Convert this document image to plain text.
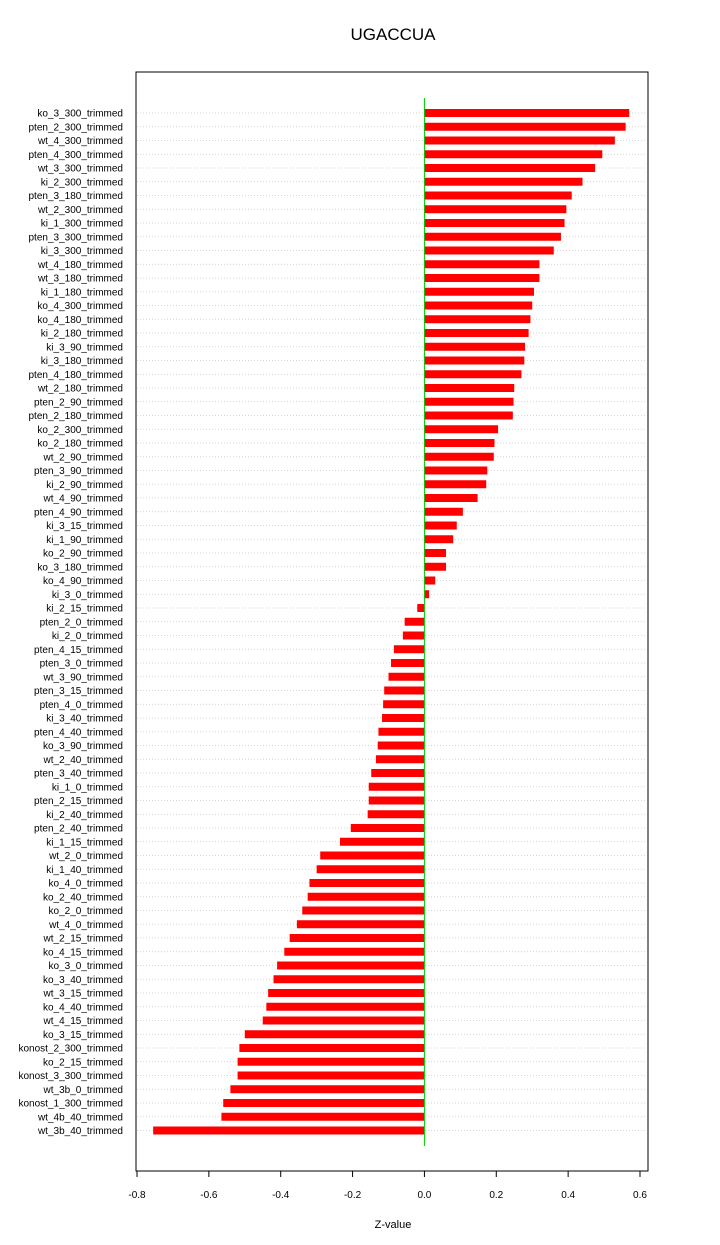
UGACCUA
ko_3_300_trimmed
pten_2_300_trimmed
wt_4_300_trimmed
pten_4_300_trimmed
wt_3_300_trimmed
ki_2_300_trimmed
pten_3_180_trimmed
wt_2_300_trimmed
ki_1_300_trimmed
pten_3_300_trimmed
ki_3_300_trimmed
wt_4_180_trimmed
wt_3_180_trimmed
ki_1_180_trimmed
ko_4_300_trimmed
ko_4_180_trimmed
ki_2_180_trimmed
ki_3_90_trimmed
ki_3_180_trimmed
pten_4_180_trimmed
wt_2_180_trimmed
pten_2_90_trimmed
pten_2_180_trimmed
ko_2_300_trimmed
ko_2_180_trimmed
wt_2_90_trimmed
pten_3_90_trimmed
ki_2_90_trimmed
wt_4_90_trimmed
pten_4_90_trimmed
ki_3_15_trimmed
ki_1_90_trimmed
ko_2_90_trimmed
ko_3_180_trimmed
ko_4_90_trimmed
ki_3_0_trimmed
ki_2_15_trimmed
pten_2_0_trimmed
ki_2_0_trimmed
pten_4_15_trimmed
pten_3_0_trimmed
wt_3_90_trimmed
pten_3_15_trimmed
pten_4_0_trimmed
ki_3_40_trimmed
pten_4_40_trimmed
ko_3_90_trimmed
wt_2_40_trimmed
pten_3_40_trimmed
ki_1_0_trimmed
pten_2_15_trimmed
ki_2_40_trimmed
pten_2_40_trimmed
ki_1_15_trimmed
wt_2_0_trimmed
ki_1_40_trimmed
ko_4_0_trimmed
ko_2_40_trimmed
ko_2_0_trimmed
wt_4_0_trimmed
wt_2_15_trimmed
ko_4_15_trimmed
ko_3_0_trimmed
ko_3_40_trimmed
wt_3_15_trimmed
ko_4_40_trimmed
wt_4_15_trimmed
ko_3_15_trimmed
konost_2_300_trimmed
ko_2_15_trimmed
konost_3_300_trimmed
wt_3b_0_trimmed
konost_1_300_trimmed
wt_4b_40_trimmed
wt_3b_40_trimmed
-0.8	-0.6	-0.4	-0.2	0.0	0.2	0.4	0.6
Z-value
